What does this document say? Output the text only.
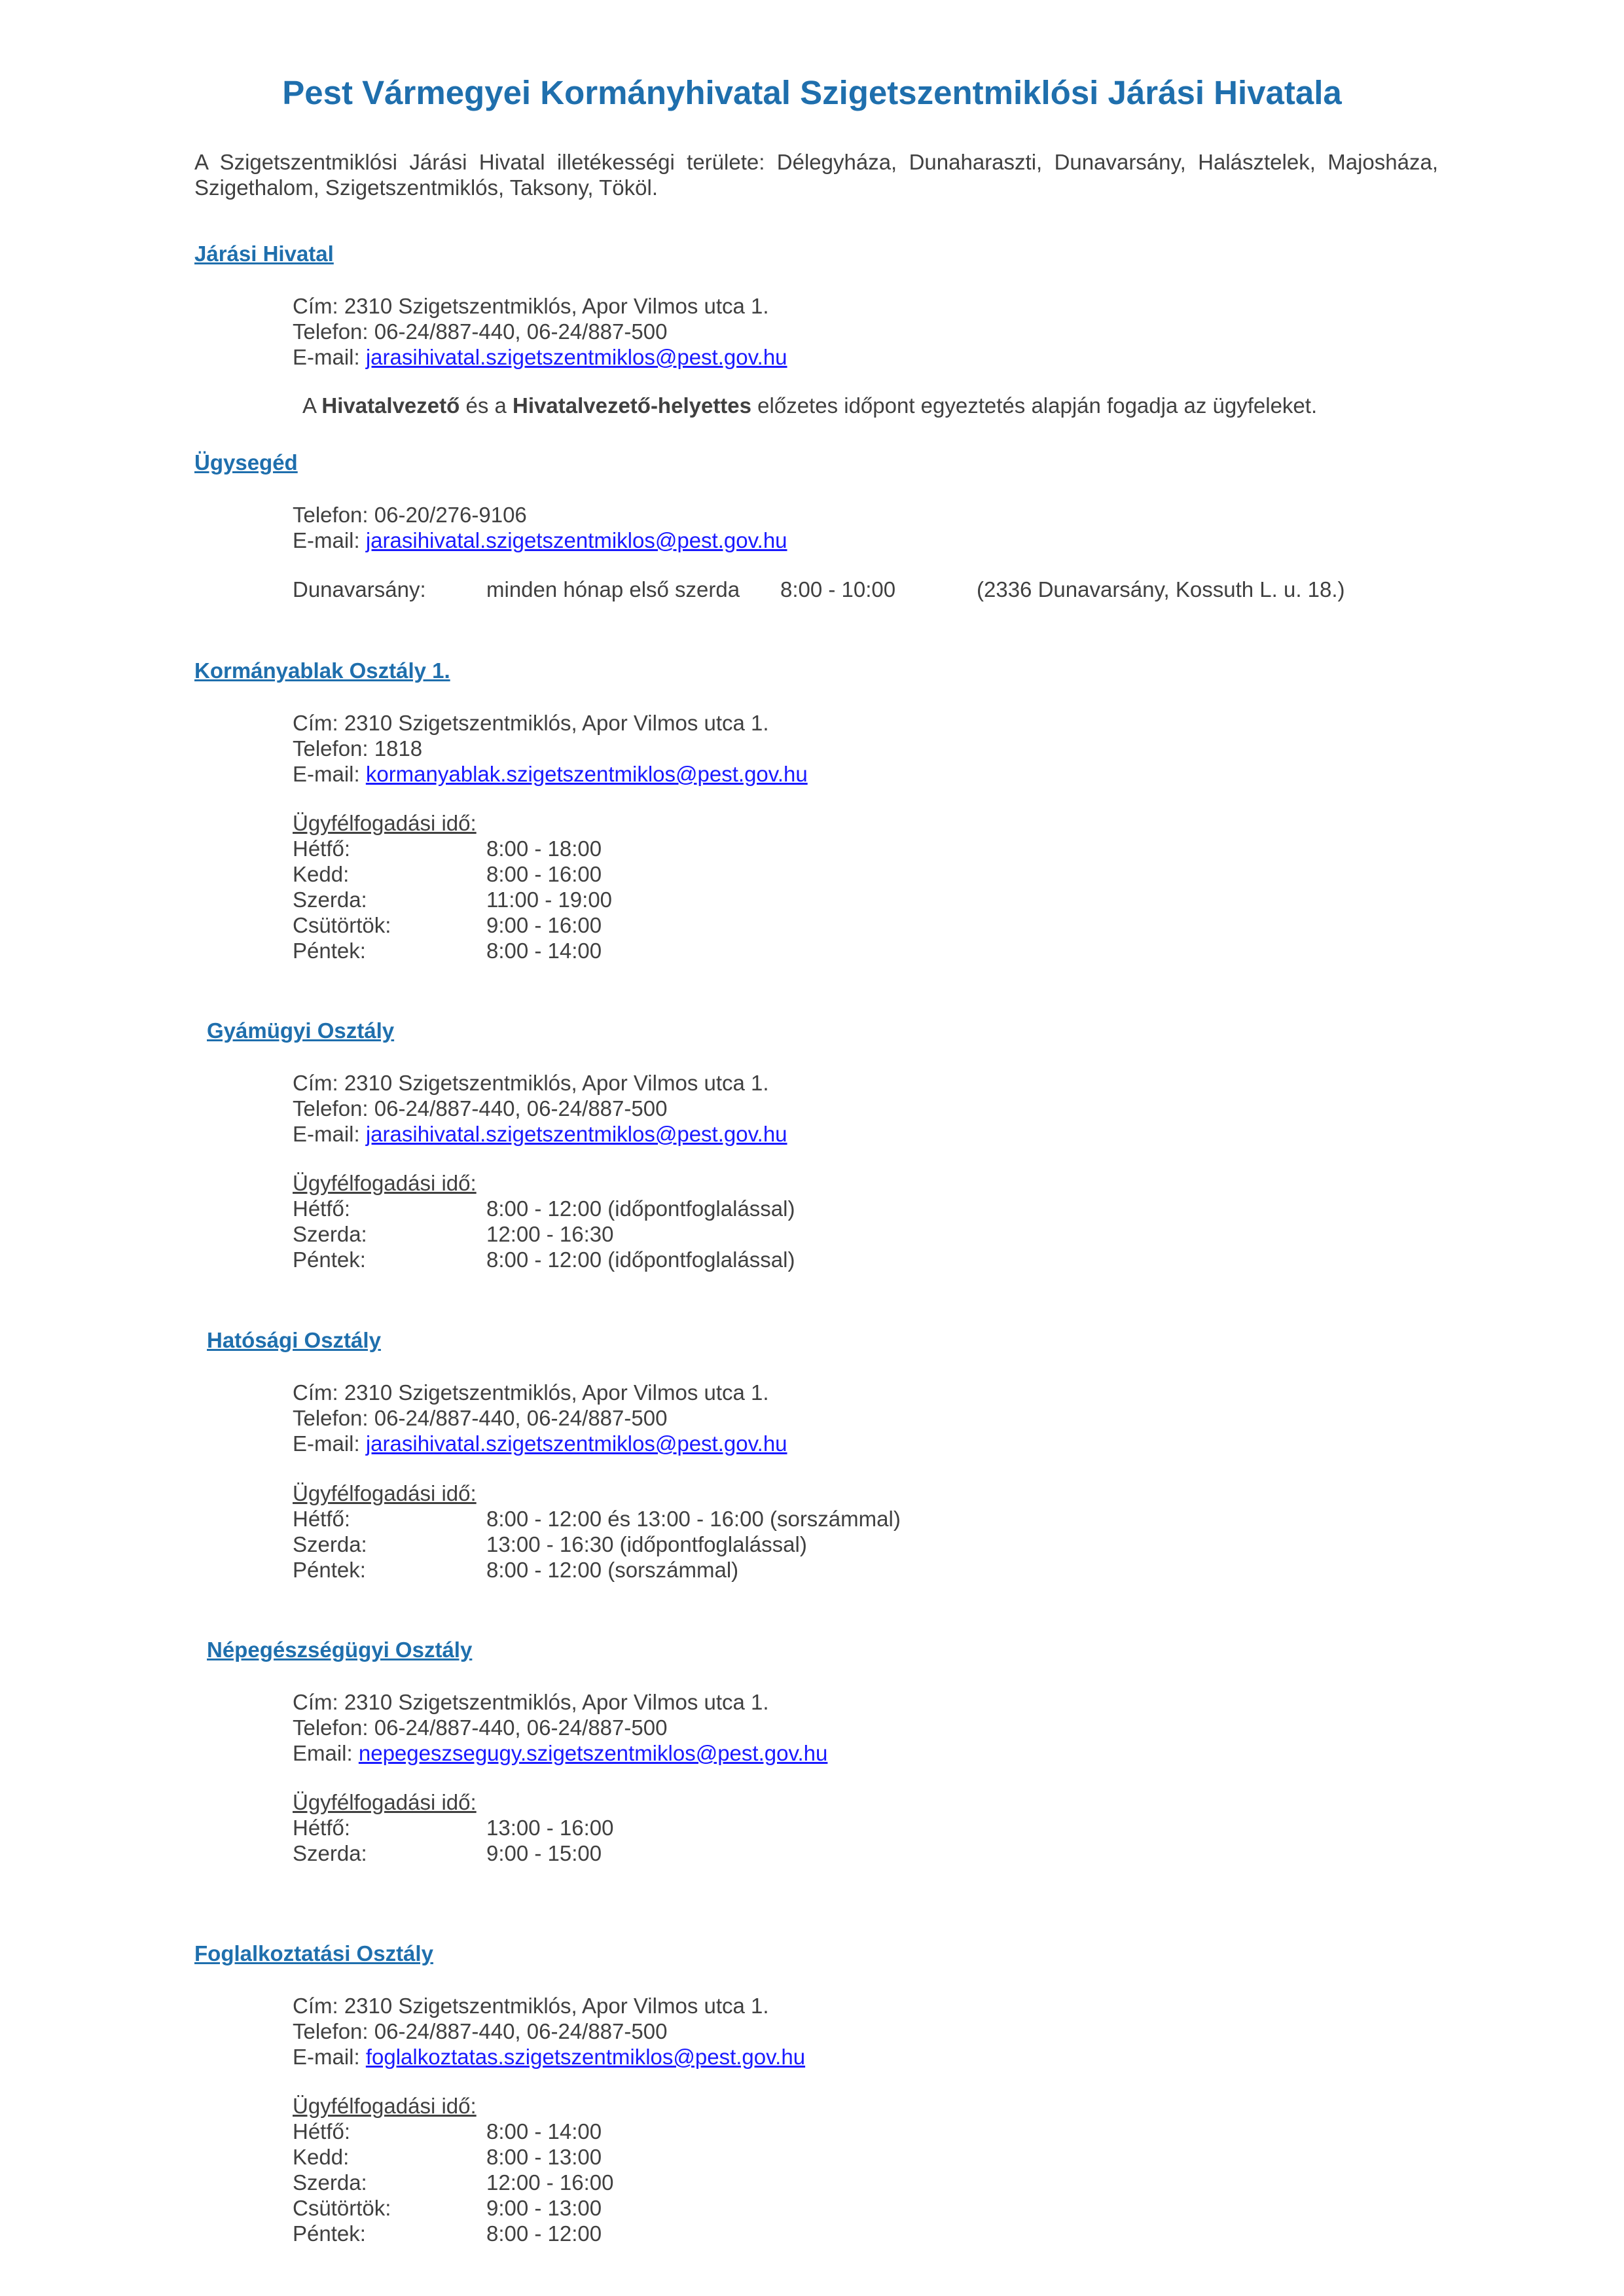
Pest Vármegyei Kormányhivatal Szigetszentmiklósi Járási Hivatala

A Szigetszentmiklósi Járási Hivatal illetékességi területe: Délegyháza, Dunaharaszti, Dunavarsány, Halásztelek, Majosháza, Szigethalom, Szigetszentmiklós, Taksony, Tököl.

Járási Hivatal
Cím: 2310 Szigetszentmiklós, Apor Vilmos utca 1.
Telefon: 06-24/887-440, 06-24/887-500
E-mail: jarasihivatal.szigetszentmiklos@pest.gov.hu
A Hivatalvezető és a Hivatalvezető-helyettes előzetes időpont egyeztetés alapján fogadja az ügyfeleket.
Ügysegéd
Telefon: 06-20/276-9106
E-mail: jarasihivatal.szigetszentmiklos@pest.gov.hu
Dunavarsány:	minden hónap első szerda 8:00 - 10:00	(2336 Dunavarsány, Kossuth L. u. 18.)
Kormányablak Osztály 1.
Cím: 2310 Szigetszentmiklós, Apor Vilmos utca 1.
Telefon: 1818
E-mail: kormanyablak.szigetszentmiklos@pest.gov.hu
Ügyfélfogadási idő:
Hétfő:	8:00 - 18:00
Kedd:	8:00 - 16:00
Szerda:	11:00 - 19:00
Csütörtök:	9:00 - 16:00
Péntek:	8:00 - 14:00
Gyámügyi Osztály
Cím: 2310 Szigetszentmiklós, Apor Vilmos utca 1.
Telefon: 06-24/887-440, 06-24/887-500
E-mail: jarasihivatal.szigetszentmiklos@pest.gov.hu
Ügyfélfogadási idő:
Hétfő:	8:00 - 12:00 (időpontfoglalással)
Szerda:	12:00 - 16:30
Péntek:	8:00 - 12:00 (időpontfoglalással)
Hatósági Osztály
Cím: 2310 Szigetszentmiklós, Apor Vilmos utca 1.
Telefon: 06-24/887-440, 06-24/887-500
E-mail: jarasihivatal.szigetszentmiklos@pest.gov.hu
Ügyfélfogadási idő:
Hétfő:	8:00 - 12:00 és 13:00 - 16:00 (sorszámmal)
Szerda:	13:00 - 16:30 (időpontfoglalással)
Péntek:	8:00 - 12:00 (sorszámmal)
Népegészségügyi Osztály
Cím: 2310 Szigetszentmiklós, Apor Vilmos utca 1.
Telefon: 06-24/887-440, 06-24/887-500
Email: nepegeszsegugy.szigetszentmiklos@pest.gov.hu
Ügyfélfogadási idő:
Hétfő:	13:00 - 16:00
Szerda:	9:00 - 15:00
Foglalkoztatási Osztály
Cím: 2310 Szigetszentmiklós, Apor Vilmos utca 1.
Telefon: 06-24/887-440, 06-24/887-500
E-mail: foglalkoztatas.szigetszentmiklos@pest.gov.hu
Ügyfélfogadási idő:
Hétfő:	8:00 - 14:00
Kedd:	8:00 - 13:00
Szerda:	12:00 - 16:00
Csütörtök:	9:00 - 13:00
Péntek:	8:00 - 12:00
